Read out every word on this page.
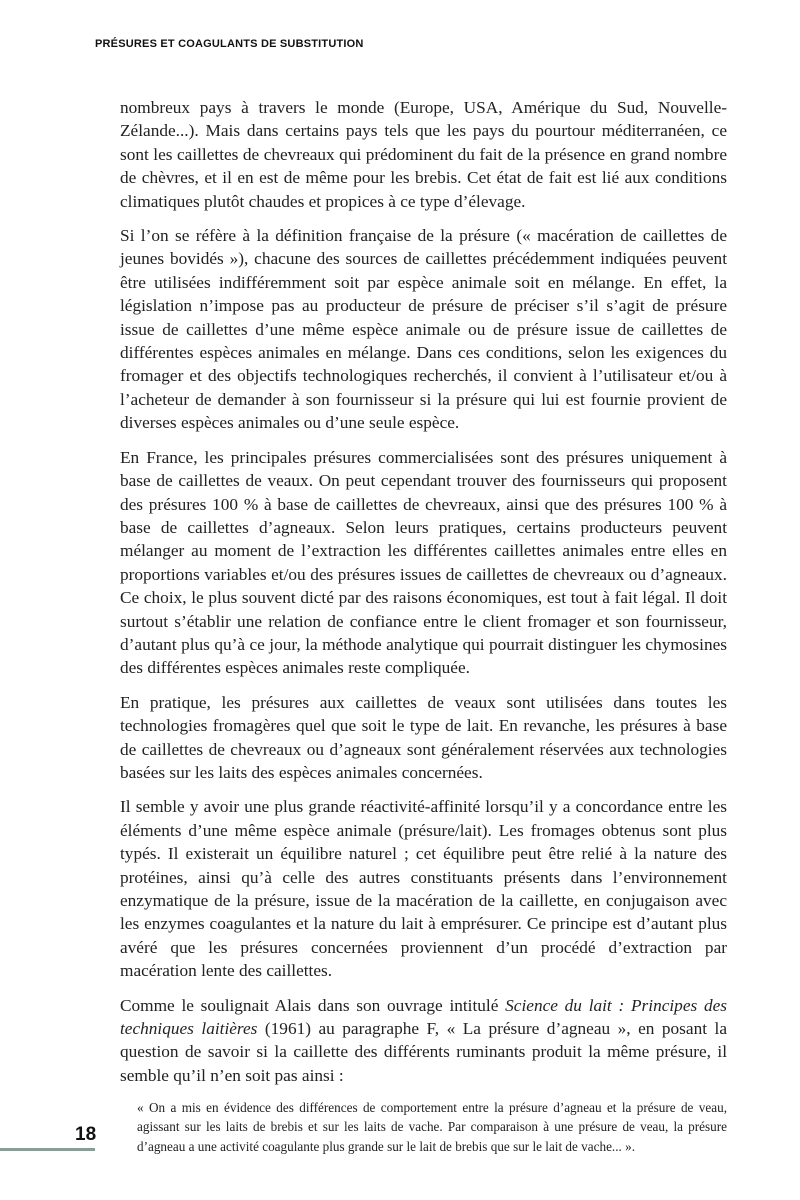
PRÉSURES ET COAGULANTS DE SUBSTITUTION

nombreux pays à travers le monde (Europe, USA, Amérique du Sud, Nouvelle-Zélande...). Mais dans certains pays tels que les pays du pourtour méditerranéen, ce sont les caillettes de chevreaux qui prédominent du fait de la présence en grand nombre de chèvres, et il en est de même pour les brebis. Cet état de fait est lié aux conditions climatiques plutôt chaudes et propices à ce type d’élevage.

Si l’on se réfère à la définition française de la présure (« macération de caillettes de jeunes bovidés »), chacune des sources de caillettes précédemment indiquées peuvent être utilisées indifféremment soit par espèce animale soit en mélange. En effet, la législation n’impose pas au producteur de présure de préciser s’il s’agit de présure issue de caillettes d’une même espèce animale ou de présure issue de caillettes de différentes espèces animales en mélange. Dans ces conditions, selon les exigences du fromager et des objectifs technologiques recherchés, il convient à l’utilisateur et/ou à l’acheteur de demander à son fournisseur si la présure qui lui est fournie provient de diverses espèces animales ou d’une seule espèce.

En France, les principales présures commercialisées sont des présures uniquement à base de caillettes de veaux. On peut cependant trouver des fournisseurs qui proposent des présures 100 % à base de caillettes de chevreaux, ainsi que des présures 100 % à base de caillettes d’agneaux. Selon leurs pratiques, certains producteurs peuvent mélanger au moment de l’extraction les différentes caillettes animales entre elles en proportions variables et/ou des présures issues de caillettes de chevreaux ou d’agneaux. Ce choix, le plus souvent dicté par des raisons économiques, est tout à fait légal. Il doit surtout s’établir une relation de confiance entre le client fromager et son fournisseur, d’autant plus qu’à ce jour, la méthode analytique qui pourrait distinguer les chymosines des différentes espèces animales reste compliquée.

En pratique, les présures aux caillettes de veaux sont utilisées dans toutes les technologies fromagères quel que soit le type de lait. En revanche, les présures à base de caillettes de chevreaux ou d’agneaux sont généralement réservées aux technologies basées sur les laits des espèces animales concernées.

Il semble y avoir une plus grande réactivité-affinité lorsqu’il y a concordance entre les éléments d’une même espèce animale (présure/lait). Les fromages obtenus sont plus typés. Il existerait un équilibre naturel ; cet équilibre peut être relié à la nature des protéines, ainsi qu’à celle des autres constituants présents dans l’environnement enzymatique de la présure, issue de la macération de la caillette, en conjugaison avec les enzymes coagulantes et la nature du lait à emprésurer. Ce principe est d’autant plus avéré que les présures concernées proviennent d’un procédé d’extraction par macération lente des caillettes.

Comme le soulignait Alais dans son ouvrage intitulé Science du lait : Principes des techniques laitières (1961) au paragraphe F, « La présure d’agneau », en posant la question de savoir si la caillette des différents ruminants produit la même présure, il semble qu’il n’en soit pas ainsi :

« On a mis en évidence des différences de comportement entre la présure d’agneau et la présure de veau, agissant sur les laits de brebis et sur les laits de vache. Par comparaison à une présure de veau, la présure d’agneau a une activité coagulante plus grande sur le lait de brebis que sur le lait de vache... ».

18
